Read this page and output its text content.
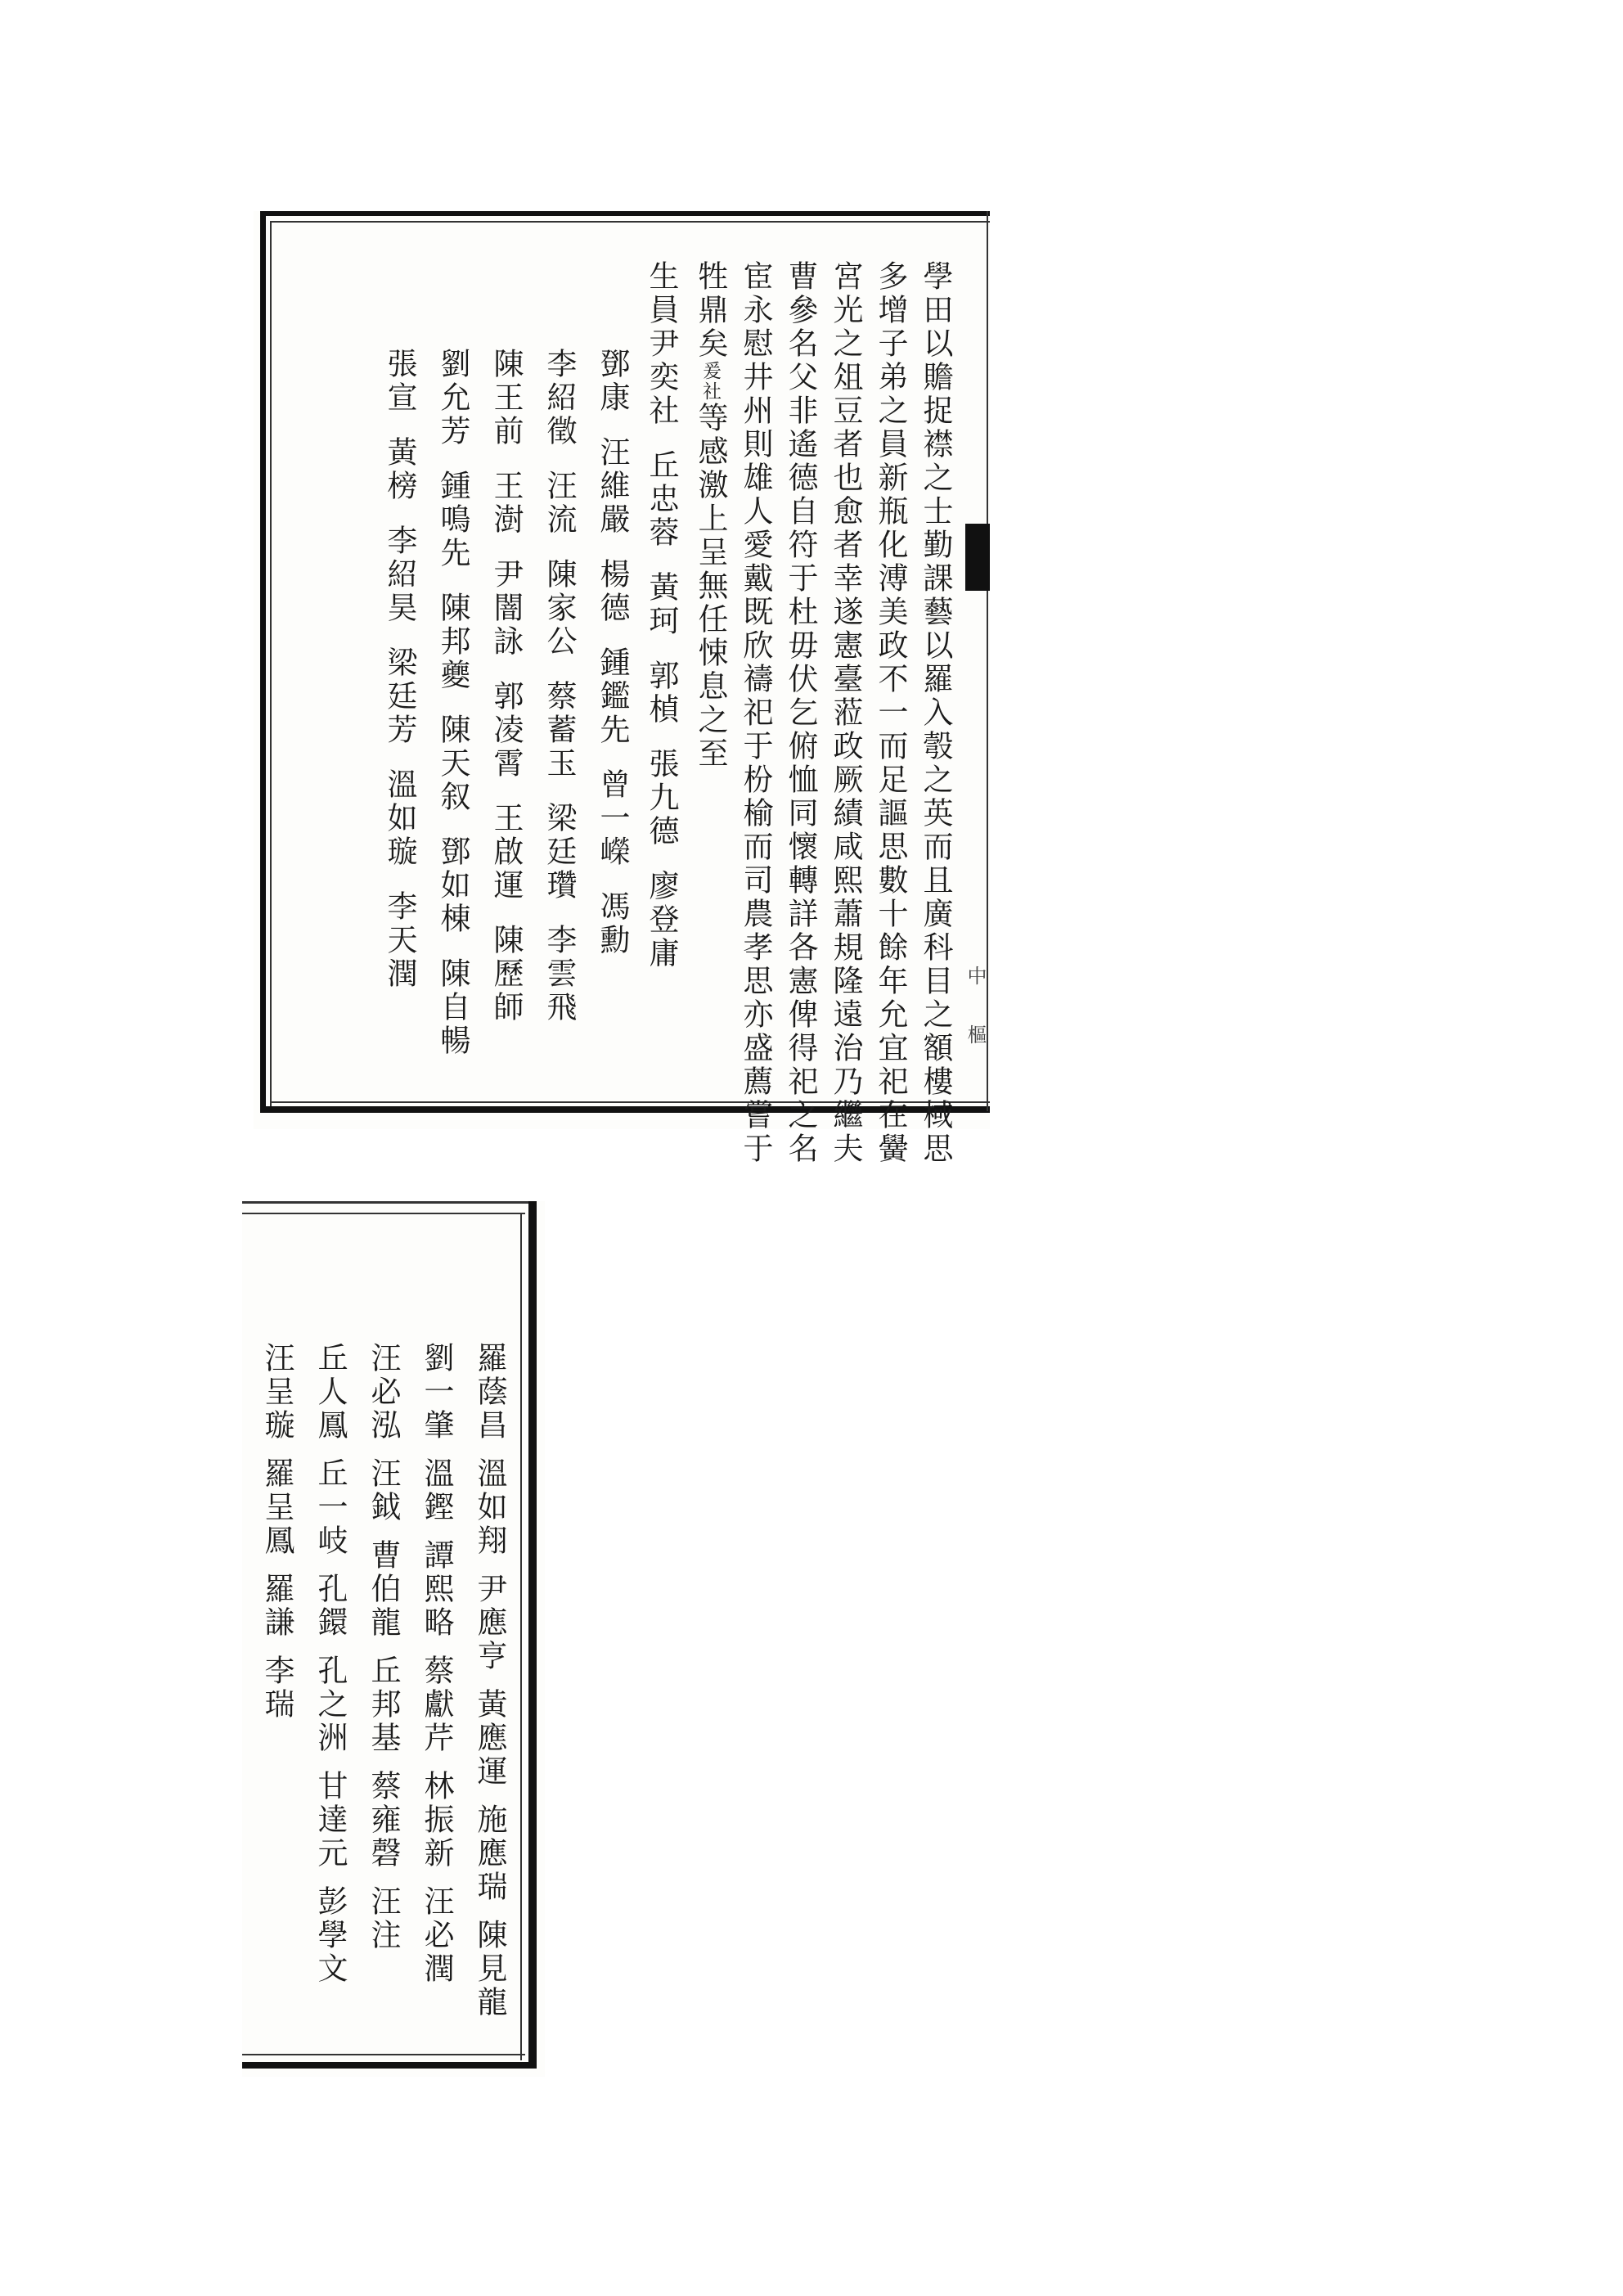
中 樞
學田以贍捉襟之士勤課藝以羅入彀之英而且廣科目之額樓棫思
多增子弟之員新瓶化溥美政不一而足謳思數十餘年允宜祀在黌
宮光之俎豆者也愈者幸遂憲臺蒞政厥績咸熙蕭規隆遠治乃繼夫
曹參名父非遙德自符于杜毋伏乞俯恤同懷轉詳各憲俾得祀之名
宦永慰井州則雄人愛戴既欣禱祀于枌榆而司農孝思亦盛薦嘗于
牲鼎矣爰社等感激上呈無任悚息之至
生員尹奕社丘忠蓉黃珂郭楨張九德廖登庸
鄧康汪維嚴楊德鍾鑑先曾一嶸馮勳
李紹徵汪流陳家公蔡蓄玉梁廷瓚李雲飛
陳王前王澍尹闇詠郭凌霄王啟運陳歷師
劉允芳鍾鳴先陳邦夔陳天叙鄧如棟陳自暢
張宣黃榜李紹昊梁廷芳溫如璇李天潤
羅蔭昌溫如翔尹應亨黃應運施應瑞陳見龍
劉一肇溫鏗譚熙略蔡獻芹林振新汪必潤
汪必泓汪鉞曹伯龍丘邦基蔡雍磬汪注
丘人鳳丘一岐孔鐶孔之洲甘達元彭學文
汪呈璇羅呈鳳羅謙李瑞
